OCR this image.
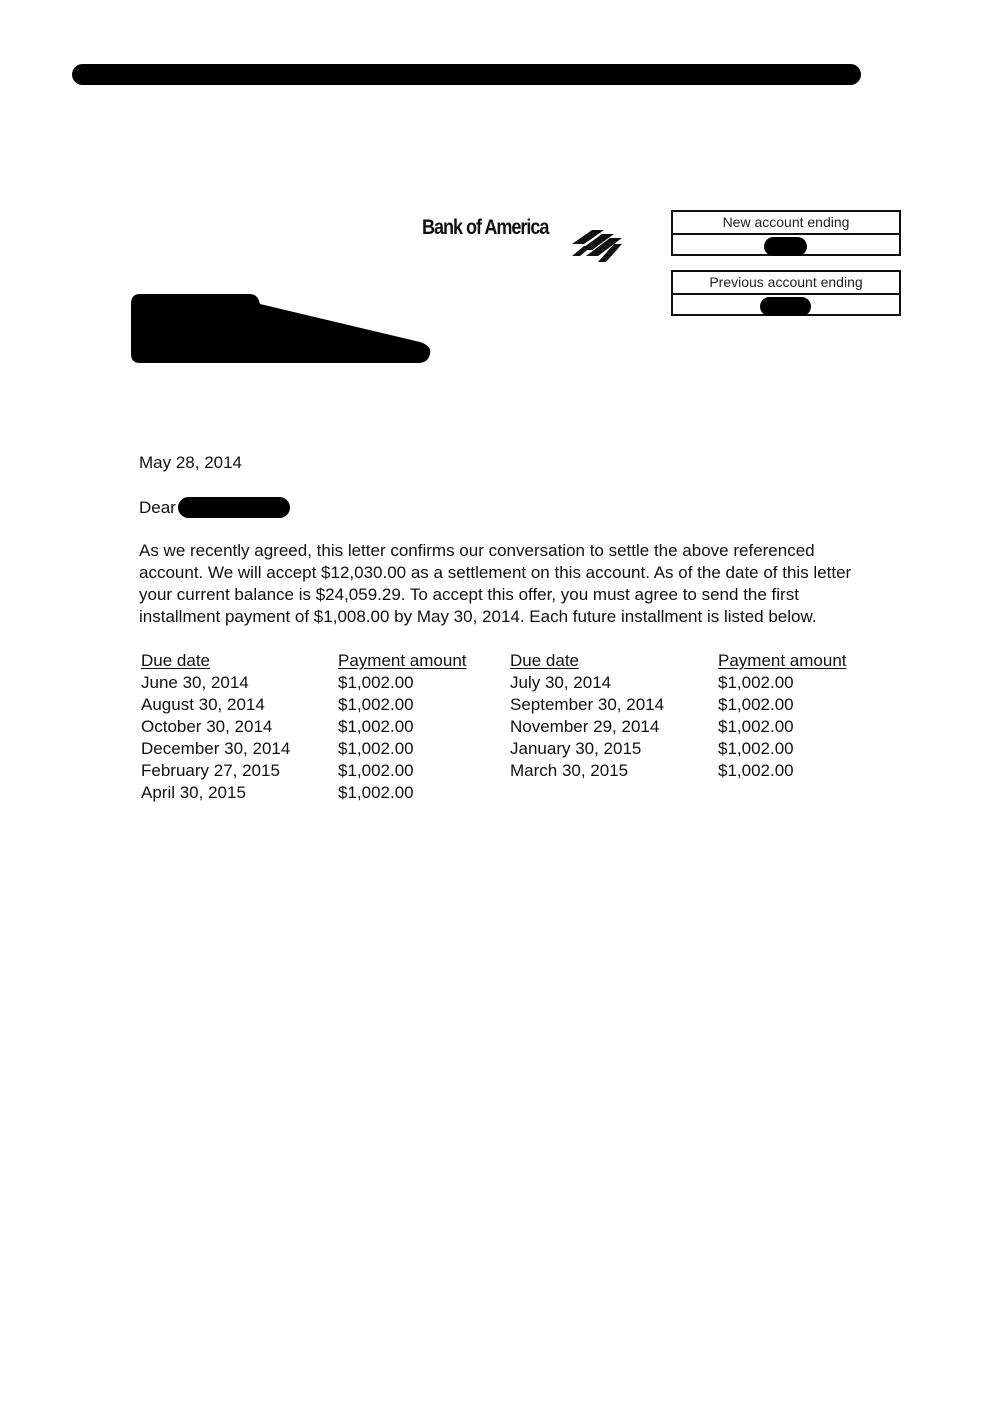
Bank of America	New account ending
Previous account ending
May 28, 2014
Dear
As we recently agreed, this letter confirms our conversation to settle the above referenced
account. We will accept $12,030.00 as a settlement on this account. As of the date of this letter
your current balance is $24,059.29. To accept this offer, you must agree to send the first
installment payment of $1,008.00 by May 30, 2014. Each future installment is listed below.
Due date
June 30, 2014
August 30, 2014
October 30, 2014
December 30, 2014
February 27, 2015
April 30, 2015
Payment amount
$1,002.00
$1,002.00
$1,002.00
$1,002.00
$1,002.00
$1,002.00
Due date
July 30, 2014
September 30, 2014
November 29, 2014
January 30, 2015
March 30, 2015
Payment amount
$1,002.00
$1,002.00
$1,002.00
$1,002.00
$1,002.00
